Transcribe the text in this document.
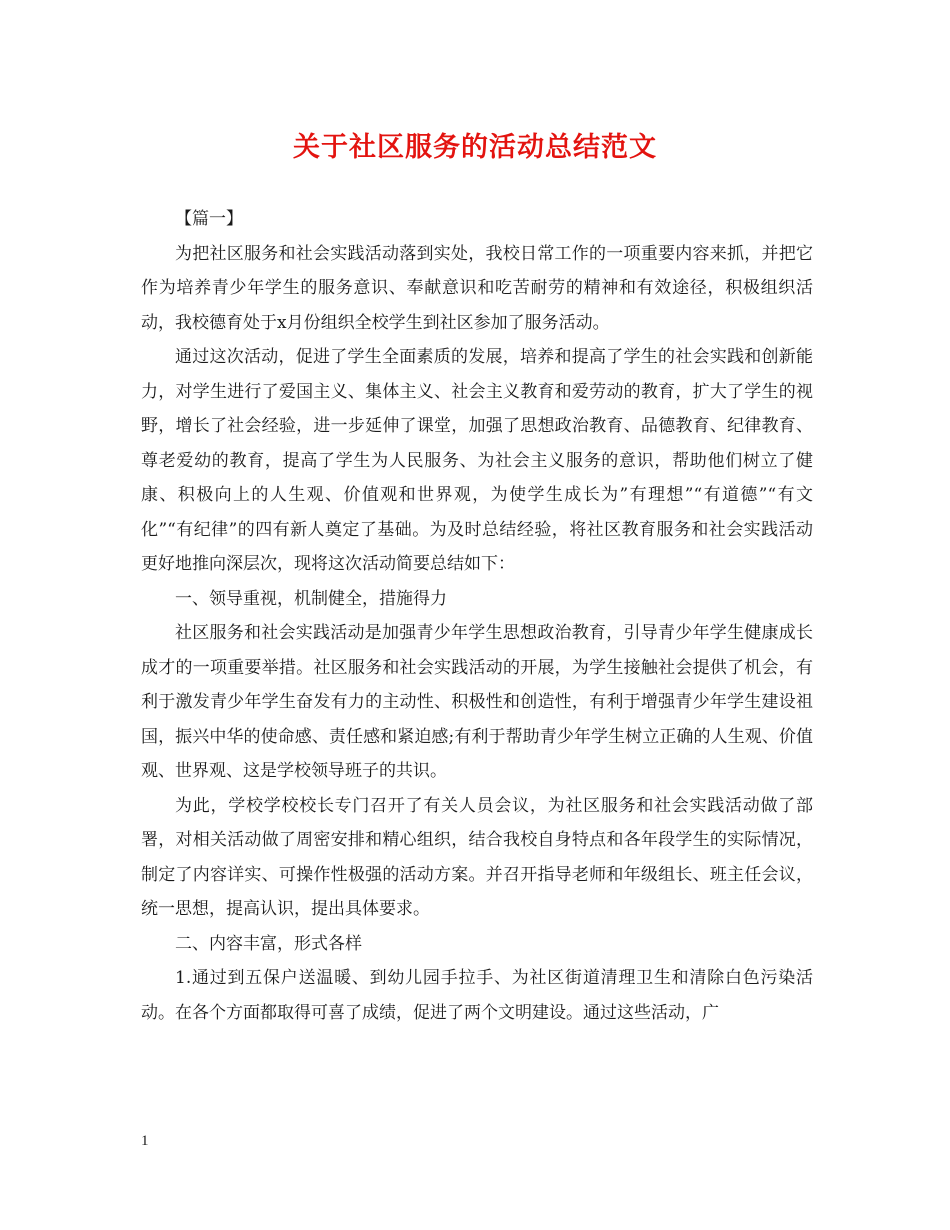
关于社区服务的活动总结范文

【篇一】

为把社区服务和社会实践活动落到实处，我校日常工作的一项重要内容来抓，并把它作为培养青少年学生的服务意识、奉献意识和吃苦耐劳的精神和有效途径，积极组织活动，我校德育处于x月份组织全校学生到社区参加了服务活动。

通过这次活动，促进了学生全面素质的发展，培养和提高了学生的社会实践和创新能力，对学生进行了爱国主义、集体主义、社会主义教育和爱劳动的教育，扩大了学生的视野，增长了社会经验，进一步延伸了课堂，加强了思想政治教育、品德教育、纪律教育、尊老爱幼的教育，提高了学生为人民服务、为社会主义服务的意识，帮助他们树立了健康、积极向上的人生观、价值观和世界观，为使学生成长为”有理想”“有道德”“有文化”“有纪律”的四有新人奠定了基础。为及时总结经验，将社区教育服务和社会实践活动更好地推向深层次，现将这次活动简要总结如下：

一、领导重视，机制健全，措施得力

社区服务和社会实践活动是加强青少年学生思想政治教育，引导青少年学生健康成长成才的一项重要举措。社区服务和社会实践活动的开展，为学生接触社会提供了机会，有利于激发青少年学生奋发有力的主动性、积极性和创造性，有利于增强青少年学生建设祖国，振兴中华的使命感、责任感和紧迫感;有利于帮助青少年学生树立正确的人生观、价值观、世界观、这是学校领导班子的共识。

为此，学校学校校长专门召开了有关人员会议，为社区服务和社会实践活动做了部署，对相关活动做了周密安排和精心组织，结合我校自身特点和各年段学生的实际情况，制定了内容详实、可操作性极强的活动方案。并召开指导老师和年级组长、班主任会议，统一思想，提高认识，提出具体要求。

二、内容丰富，形式各样

1.通过到五保户送温暖、到幼儿园手拉手、为社区街道清理卫生和清除白色污染活动。在各个方面都取得可喜了成绩，促进了两个文明建设。通过这些活动，广

1
